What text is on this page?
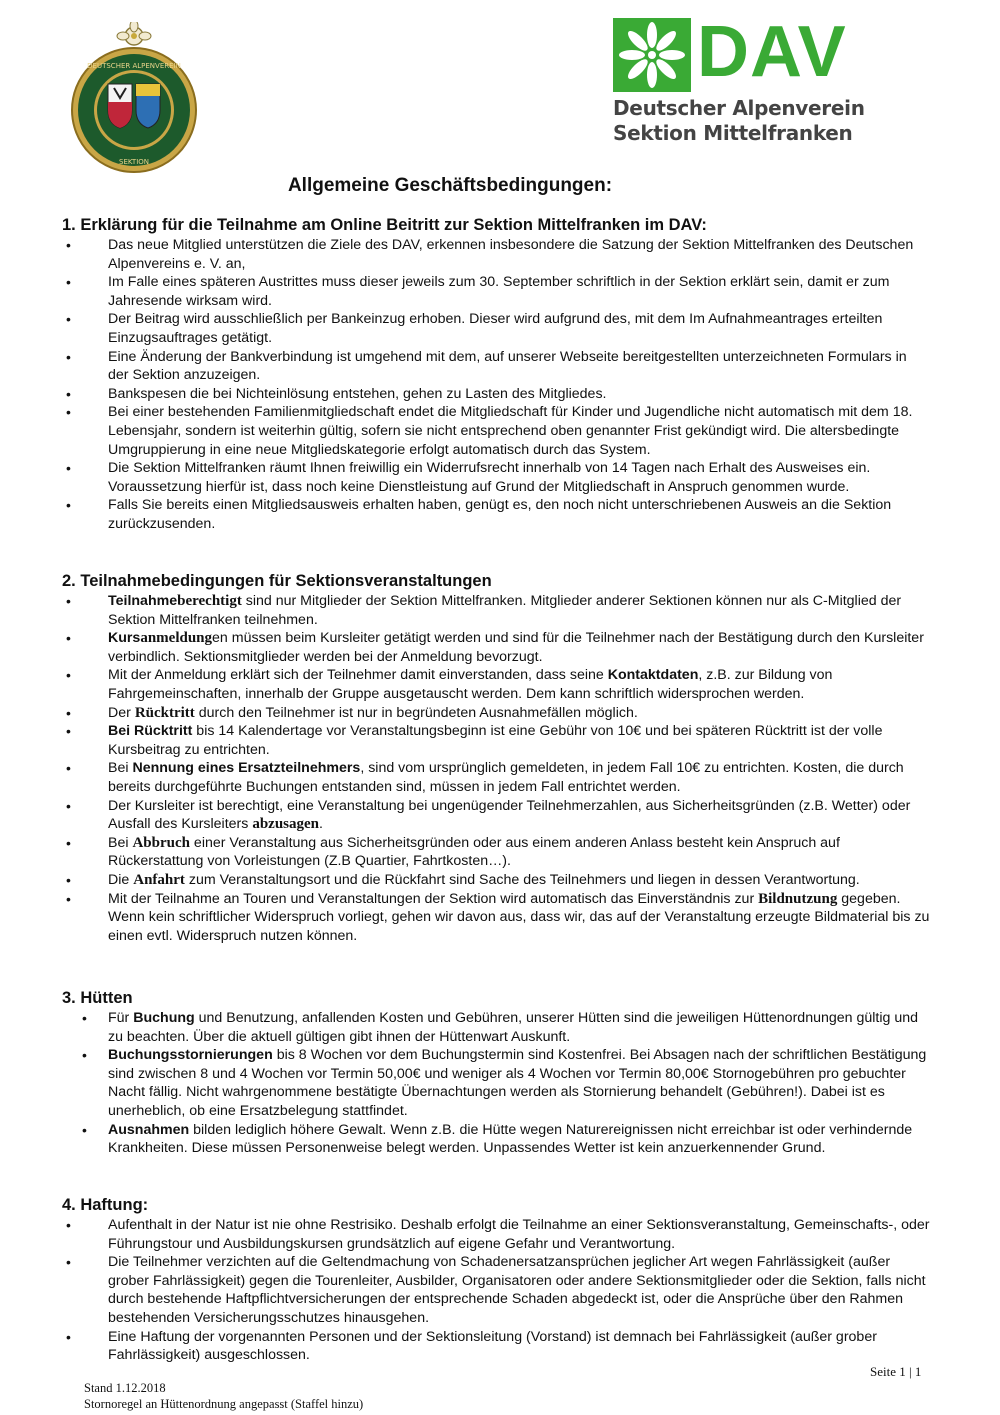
DEUTSCHER ALPENVEREIN
SEKTION
DAV
Deutscher Alpenverein
Sektion Mittelfranken
Allgemeine Geschäftsbedingungen:
1. Erklärung für die Teilnahme am Online Beitritt zur Sektion Mittelfranken im DAV:
• Das neue Mitglied unterstützen die Ziele des DAV, erkennen insbesondere die Satzung der Sektion Mittelfranken des Deutschen Alpenvereins e. V. an,
• Im Falle eines späteren Austrittes muss dieser jeweils zum 30. September schriftlich in der Sektion erklärt sein, damit er zum Jahresende wirksam wird.
• Der Beitrag wird ausschließlich per Bankeinzug erhoben. Dieser wird aufgrund des, mit dem Im Aufnahmeantrages erteilten Einzugsauftrages getätigt.
• Eine Änderung der Bankverbindung ist umgehend mit dem, auf unserer Webseite bereitgestellten unterzeichneten Formulars in der Sektion anzuzeigen.
• Bankspesen die bei Nichteinlösung entstehen, gehen zu Lasten des Mitgliedes.
• Bei einer bestehenden Familienmitgliedschaft endet die Mitgliedschaft für Kinder und Jugendliche nicht automatisch mit dem 18. Lebensjahr, sondern ist weiterhin gültig, sofern sie nicht entsprechend oben genannter Frist gekündigt wird. Die altersbedingte Umgruppierung in eine neue Mitgliedskategorie erfolgt automatisch durch das System.
• Die Sektion Mittelfranken räumt Ihnen freiwillig ein Widerrufsrecht innerhalb von 14 Tagen nach Erhalt des Ausweises ein. Voraussetzung hierfür ist, dass noch keine Dienstleistung auf Grund der Mitgliedschaft in Anspruch genommen wurde.
• Falls Sie bereits einen Mitgliedsausweis erhalten haben, genügt es, den noch nicht unterschriebenen Ausweis an die Sektion zurückzusenden.
2. Teilnahmebedingungen für Sektionsveranstaltungen
• Teilnahmeberechtigt sind nur Mitglieder der Sektion Mittelfranken. Mitglieder anderer Sektionen können nur als C-Mitglied der Sektion Mittelfranken teilnehmen.
• Kursanmeldungen müssen beim Kursleiter getätigt werden und sind für die Teilnehmer nach der Bestätigung durch den Kursleiter verbindlich. Sektionsmitglieder werden bei der Anmeldung bevorzugt.
• Mit der Anmeldung erklärt sich der Teilnehmer damit einverstanden, dass seine Kontaktdaten, z.B. zur Bildung von Fahrgemeinschaften, innerhalb der Gruppe ausgetauscht werden. Dem kann schriftlich widersprochen werden.
• Der Rücktritt durch den Teilnehmer ist nur in begründeten Ausnahmefällen möglich.
• Bei Rücktritt bis 14 Kalendertage vor Veranstaltungsbeginn ist eine Gebühr von 10€ und bei späteren Rücktritt ist der volle Kursbeitrag zu entrichten.
• Bei Nennung eines Ersatzteilnehmers, sind vom ursprünglich gemeldeten, in jedem Fall 10€ zu entrichten. Kosten, die durch bereits durchgeführte Buchungen entstanden sind, müssen in jedem Fall entrichtet werden.
• Der Kursleiter ist berechtigt, eine Veranstaltung bei ungenügender Teilnehmerzahlen, aus Sicherheitsgründen (z.B. Wetter) oder Ausfall des Kursleiters abzusagen.
• Bei Abbruch einer Veranstaltung aus Sicherheitsgründen oder aus einem anderen Anlass besteht kein Anspruch auf Rückerstattung von Vorleistungen (Z.B Quartier, Fahrtkosten…).
• Die Anfahrt zum Veranstaltungsort und die Rückfahrt sind Sache des Teilnehmers und liegen in dessen Verantwortung.
• Mit der Teilnahme an Touren und Veranstaltungen der Sektion wird automatisch das Einverständnis zur Bildnutzung gegeben. Wenn kein schriftlicher Widerspruch vorliegt, gehen wir davon aus, dass wir, das auf der Veranstaltung erzeugte Bildmaterial bis zu einen evtl. Widerspruch nutzen können.
3. Hütten
• Für Buchung und Benutzung, anfallenden Kosten und Gebühren, unserer Hütten sind die jeweiligen Hüttenordnungen gültig und zu beachten. Über die aktuell gültigen gibt ihnen der Hüttenwart Auskunft.
• Buchungsstornierungen bis 8 Wochen vor dem Buchungstermin sind Kostenfrei. Bei Absagen nach der schriftlichen Bestätigung sind zwischen 8 und 4 Wochen vor Termin 50,00€ und weniger als 4 Wochen vor Termin 80,00€ Stornogebühren pro gebuchter Nacht fällig. Nicht wahrgenommene bestätigte Übernachtungen werden als Stornierung behandelt (Gebühren!). Dabei ist es unerheblich, ob eine Ersatzbelegung stattfindet.
• Ausnahmen bilden lediglich höhere Gewalt. Wenn z.B. die Hütte wegen Naturereignissen nicht erreichbar ist oder verhindernde Krankheiten. Diese müssen Personenweise belegt werden. Unpassendes Wetter ist kein anzuerkennender Grund.
4. Haftung:
• Aufenthalt in der Natur ist nie ohne Restrisiko. Deshalb erfolgt die Teilnahme an einer Sektionsveranstaltung, Gemeinschafts-, oder Führungstour und Ausbildungskursen grundsätzlich auf eigene Gefahr und Verantwortung.
• Die Teilnehmer verzichten auf die Geltendmachung von Schadenersatzansprüchen jeglicher Art wegen Fahrlässigkeit (außer grober Fahrlässigkeit) gegen die Tourenleiter, Ausbilder, Organisatoren oder andere Sektionsmitglieder oder die Sektion, falls nicht durch bestehende Haftpflichtversicherungen der entsprechende Schaden abgedeckt ist, oder die Ansprüche über den Rahmen bestehenden Versicherungsschutzes hinausgehen.
• Eine Haftung der vorgenannten Personen und der Sektionsleitung (Vorstand) ist demnach bei Fahrlässigkeit (außer grober Fahrlässigkeit) ausgeschlossen.
Seite 1 | 1
Stand 1.12.2018
Stornoregel an Hüttenordnung angepasst (Staffel hinzu)
